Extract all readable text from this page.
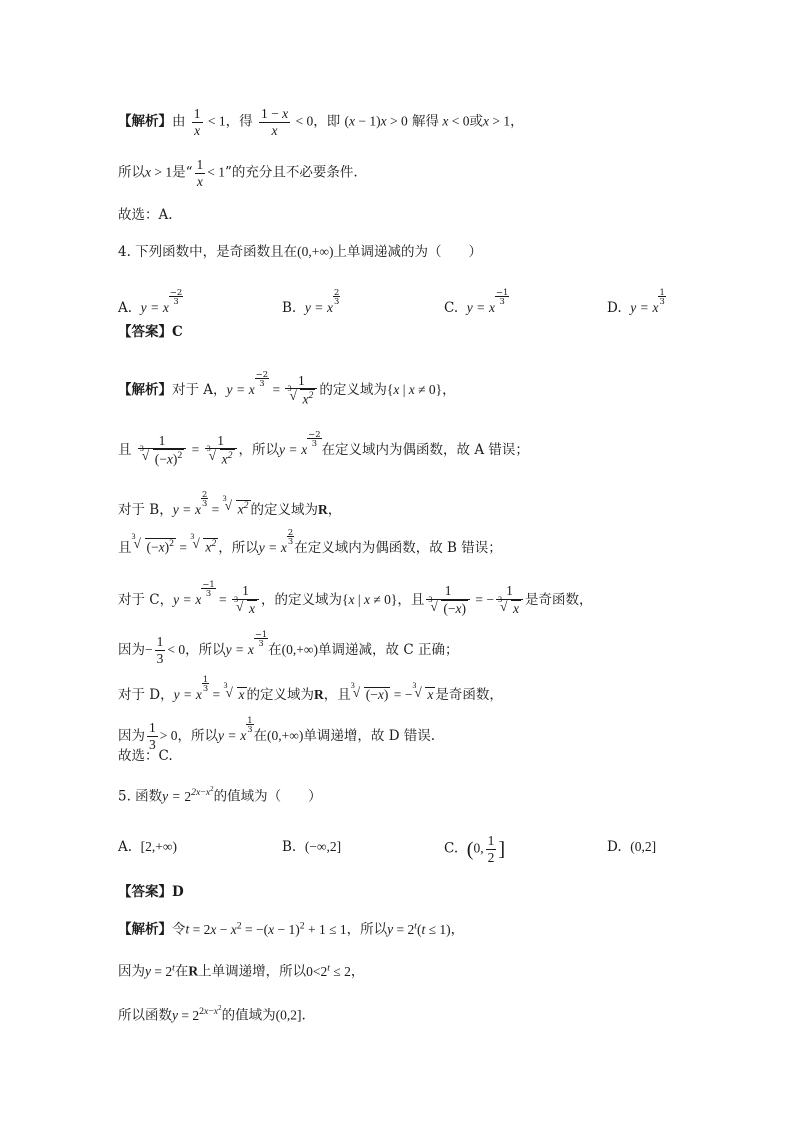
【解析】由 $\frac{1}{x} < 1$，得 $\frac{1 - x}{x} < 0$，即 (x − 1)x > 0 解得 x < 0或x > 1，
所以x > 1是“ $\frac{1}{x} < 1$”的充分且不必要条件.
故选：A.
4. 下列函数中，是奇函数且在(0,+∞)上单调递减的为（　　）
A. y = x
$\frac{-2}{3}$
B. y = x
$\frac{2}{3}$
C. y = x
$\frac{-1}{3}$
D. y = x
$\frac{1}{3}$
【答案】C
【解析】对于 A，y = x
$\frac{-2}{3}$
= 1
3
√ $x^2$ 的定义域为{x | x ≠ 0}，
且 1
3
√ $(-x)^2 = 1$
3
√ $x^2$ ，所以y = x
$\frac{-2}{3}$
在定义域内为偶函数，故 A 错误；
对于 B，y = x
$\frac{2}{3}$
=
3
√ $x^2$ 的定义域为R，
且
3
√ $(-x)^2$ =
3
√ $x^2$ ，所以y = x
$\frac{2}{3}$
在定义域内为偶函数，故 B 错误；
对于 C，y = x
$\frac{-1}{3}$
= 1
3
√ x ，的定义域为{x | x ≠ 0}，且 1
3
√ (−x) = − 1
3
√ x 是奇函数，
因为− $\frac{1}{3} < 0$，所以y = x
$\frac{-1}{3}$
在(0,+∞)单调递减，故 C 正确；
对于 D，y = x
$\frac{1}{3}$
=
3
√ x 的定义域为R，且
3
√ (−x) = −
3
√ x 是奇函数，
因为 $\frac{1}{3} > 0$，所以y = x
$\frac{1}{3}$
在(0,+∞)单调递增，故 D 错误.
故选：C.
5. 函数$y = 2^{2x-x^2}$的值域为（　　）
A. [2,+∞)	B. (−∞,2]	C. (0, $\frac{1}{2}$ ]	D. (0,2]
【答案】D
【解析】令$t = 2x - x^2 = -(x - 1)^2 + 1 \le 1$，所以$y = 2^t(t \le 1)$，
因为$y = 2^t$在R上单调递增，所以$0<2^t \le 2$，
所以函数$y = 2^{2x-x^2}$的值域为(0,2].
